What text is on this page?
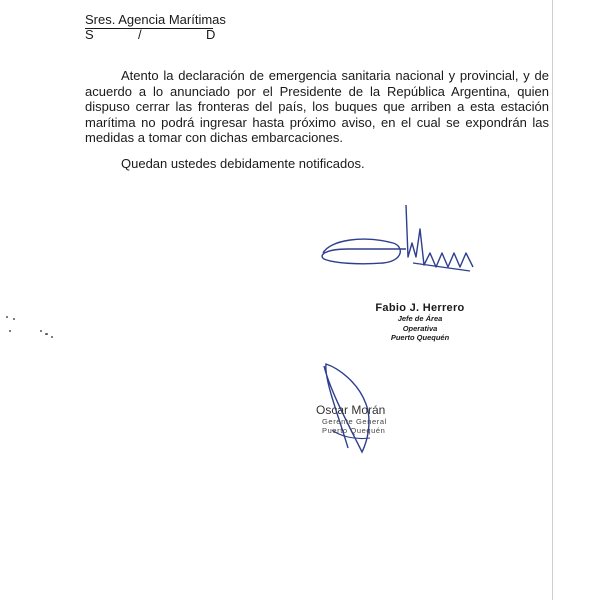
Sres. Agencia Marítimas
S	/	D

Atento la declaración de emergencia sanitaria nacional y provincial, y de acuerdo a lo anunciado por el Presidente de la República Argentina, quien dispuso cerrar las fronteras del país, los buques que arriben a esta estación marítima no podrá ingresar hasta próximo aviso, en el cual se expondrán las medidas a tomar con dichas embarcaciones.

Quedan ustedes debidamente notificados.
Fabio J. Herrero
Jefe de Área
Operativa
Puerto Quequén
Oscar Morán
Gerente General
Puerto Quequén
